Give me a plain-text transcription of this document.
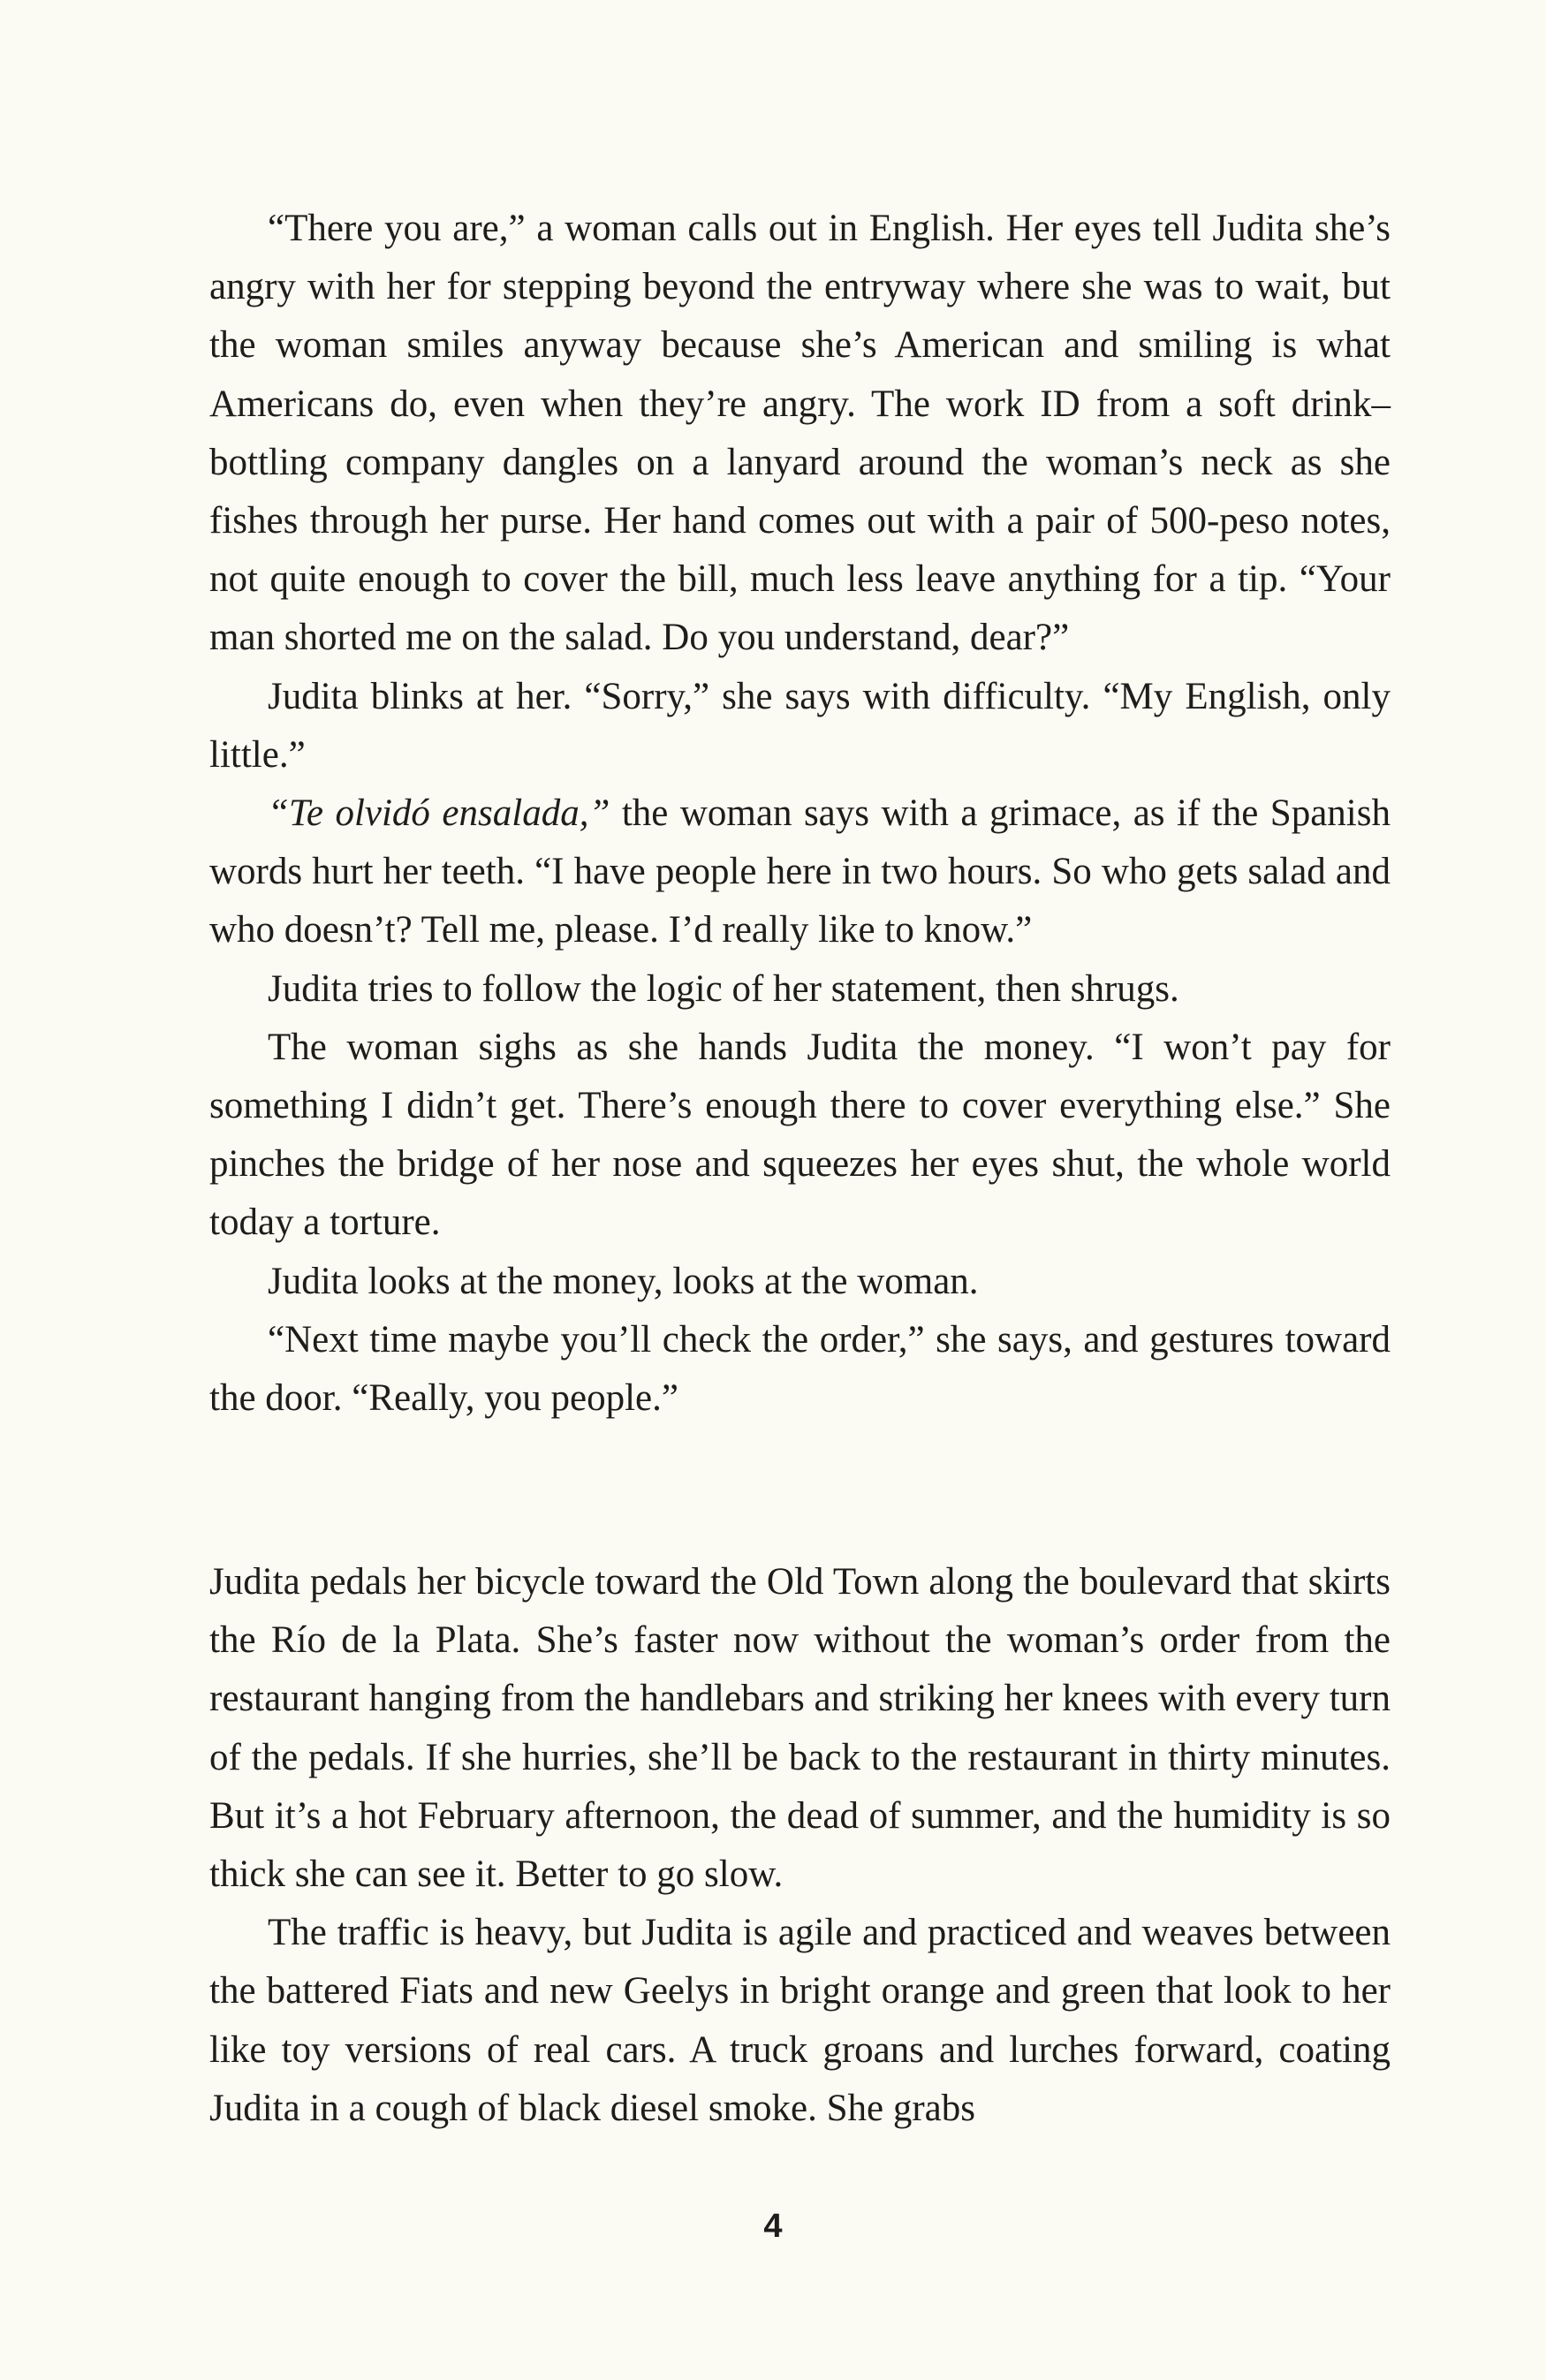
“There you are,” a woman calls out in English. Her eyes tell Judita she’s angry with her for stepping beyond the entryway where she was to wait, but the woman smiles anyway because she’s American and smiling is what Americans do, even when they’re angry. The work ID from a soft drink–bottling company dangles on a lanyard around the woman’s neck as she fishes through her purse. Her hand comes out with a pair of 500-peso notes, not quite enough to cover the bill, much less leave anything for a tip. “Your man shorted me on the salad. Do you understand, dear?”

Judita blinks at her. “Sorry,” she says with difficulty. “My English, only little.”

“Te olvidó ensalada,” the woman says with a grimace, as if the Spanish words hurt her teeth. “I have people here in two hours. So who gets salad and who doesn’t? Tell me, please. I’d really like to know.”

Judita tries to follow the logic of her statement, then shrugs.

The woman sighs as she hands Judita the money. “I won’t pay for something I didn’t get. There’s enough there to cover everything else.” She pinches the bridge of her nose and squeezes her eyes shut, the whole world today a torture.

Judita looks at the money, looks at the woman.

“Next time maybe you’ll check the order,” she says, and gestures toward the door. “Really, you people.”

Judita pedals her bicycle toward the Old Town along the boulevard that skirts the Río de la Plata. She’s faster now without the woman’s order from the restaurant hanging from the handlebars and striking her knees with every turn of the pedals. If she hurries, she’ll be back to the restaurant in thirty minutes. But it’s a hot February afternoon, the dead of summer, and the humidity is so thick she can see it. Better to go slow.

The traffic is heavy, but Judita is agile and practiced and weaves between the battered Fiats and new Geelys in bright orange and green that look to her like toy versions of real cars. A truck groans and lurches forward, coating Judita in a cough of black diesel smoke. She grabs

4
